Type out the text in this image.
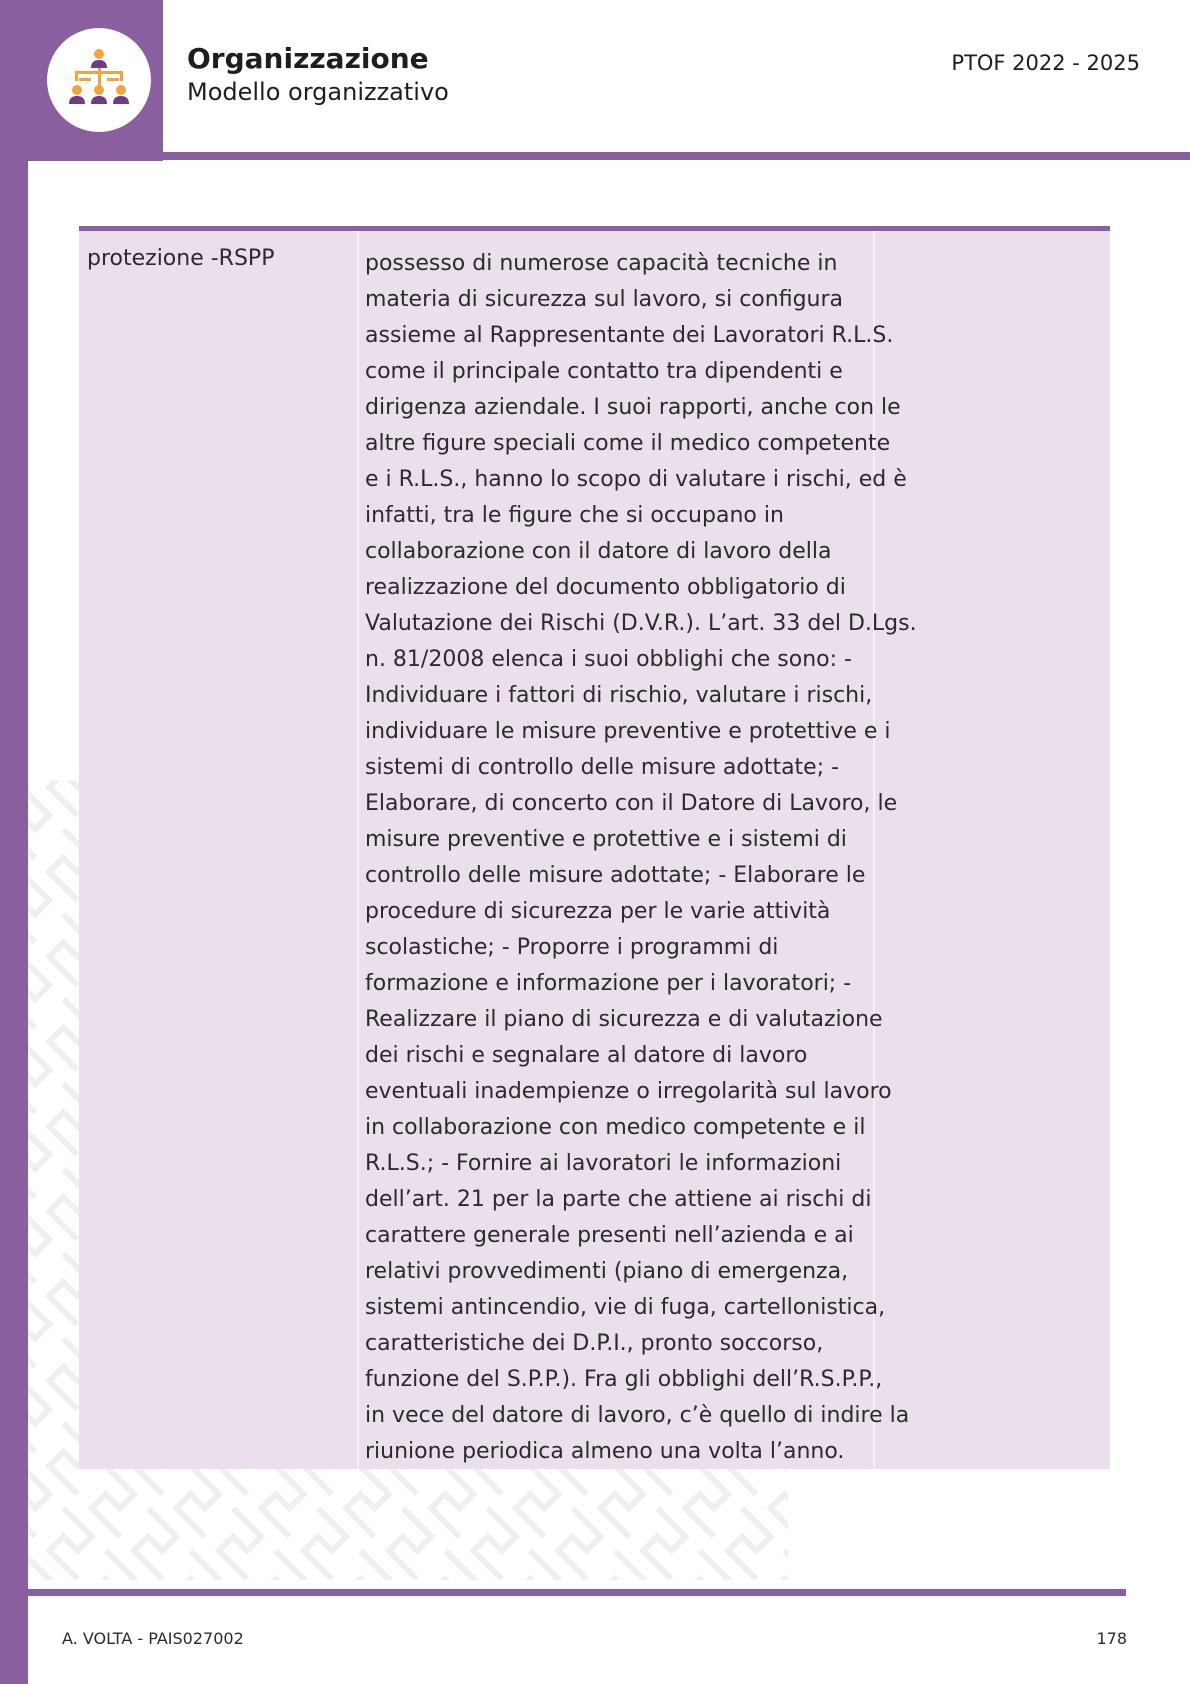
Organizzazione
Modello organizzativo
PTOF 2022 - 2025
protezione -RSPP	possesso di numerose capacità tecniche in
materia di sicurezza sul lavoro, si configura
assieme al Rappresentante dei Lavoratori R.L.S.
come il principale contatto tra dipendenti e
dirigenza aziendale. I suoi rapporti, anche con le
altre figure speciali come il medico competente
e i R.L.S., hanno lo scopo di valutare i rischi, ed è
infatti, tra le figure che si occupano in
collaborazione con il datore di lavoro della
realizzazione del documento obbligatorio di
Valutazione dei Rischi (D.V.R.). L’art. 33 del D.Lgs.
n. 81/2008 elenca i suoi obblighi che sono: -
Individuare i fattori di rischio, valutare i rischi,
individuare le misure preventive e protettive e i
sistemi di controllo delle misure adottate; -
Elaborare, di concerto con il Datore di Lavoro, le
misure preventive e protettive e i sistemi di
controllo delle misure adottate; - Elaborare le
procedure di sicurezza per le varie attività
scolastiche; - Proporre i programmi di
formazione e informazione per i lavoratori; -
Realizzare il piano di sicurezza e di valutazione
dei rischi e segnalare al datore di lavoro
eventuali inadempienze o irregolarità sul lavoro
in collaborazione con medico competente e il
R.L.S.; - Fornire ai lavoratori le informazioni
dell’art. 21 per la parte che attiene ai rischi di
carattere generale presenti nell’azienda e ai
relativi provvedimenti (piano di emergenza,
sistemi antincendio, vie di fuga, cartellonistica,
caratteristiche dei D.P.I., pronto soccorso,
funzione del S.P.P.). Fra gli obblighi dell’R.S.P.P.,
in vece del datore di lavoro, c’è quello di indire la
riunione periodica almeno una volta l’anno.
A. VOLTA - PAIS027002	178
